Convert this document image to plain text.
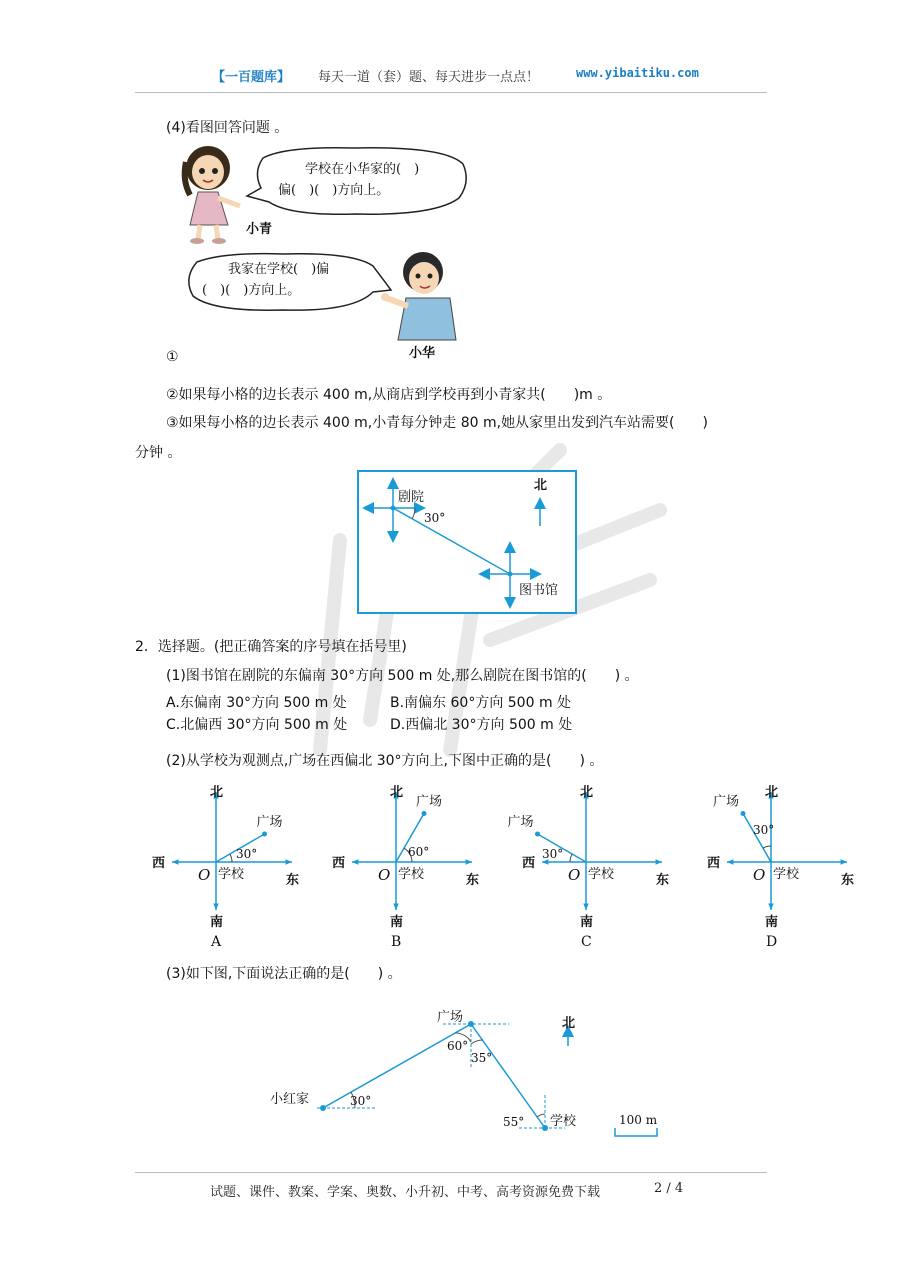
【一百题库】 每天一道（套）题、每天进步一点点！	www.yibaitiku.com
(4)看图回答问题 。
小青
学校在小华家的(　)
偏(　)(　)方向上。
我家在学校(　)偏
(　)(　)方向上。
小华
①
②如果每小格的边长表示 400 m,从商店到学校再到小青家共(　　)m 。
③如果每小格的边长表示 400 m,小青每分钟走 80 m,她从家里出发到汽车站需要(　　)
分钟 。
剧院
30°
图书馆
北
2．选择题。(把正确答案的序号填在括号里)
(1)图书馆在剧院的东偏南 30°方向 500 m 处,那么剧院在图书馆的(　　) 。
A.东偏南 30°方向 500 m 处	B.南偏东 60°方向 500 m 处
C.北偏西 30°方向 500 m 处	D.西偏北 30°方向 500 m 处
(2)从学校为观测点,广场在西偏北 30°方向上,下图中正确的是(　　) 。
北
南
西
东
O 学校
广场
30°
A
北
南
西
东
O 学校
广场
60°
B
北
南
西
东
O 学校
广场
30°
C
北
南
西
东
O 学校
广场
30°
D
(3)如下图,下面说法正确的是(　　) 。
广场
小红家
学校
北
60°
35°
30°
55°	100 m
试题、课件、教案、学案、奥数、小升初、中考、高考资源免费下载	2 / 4
